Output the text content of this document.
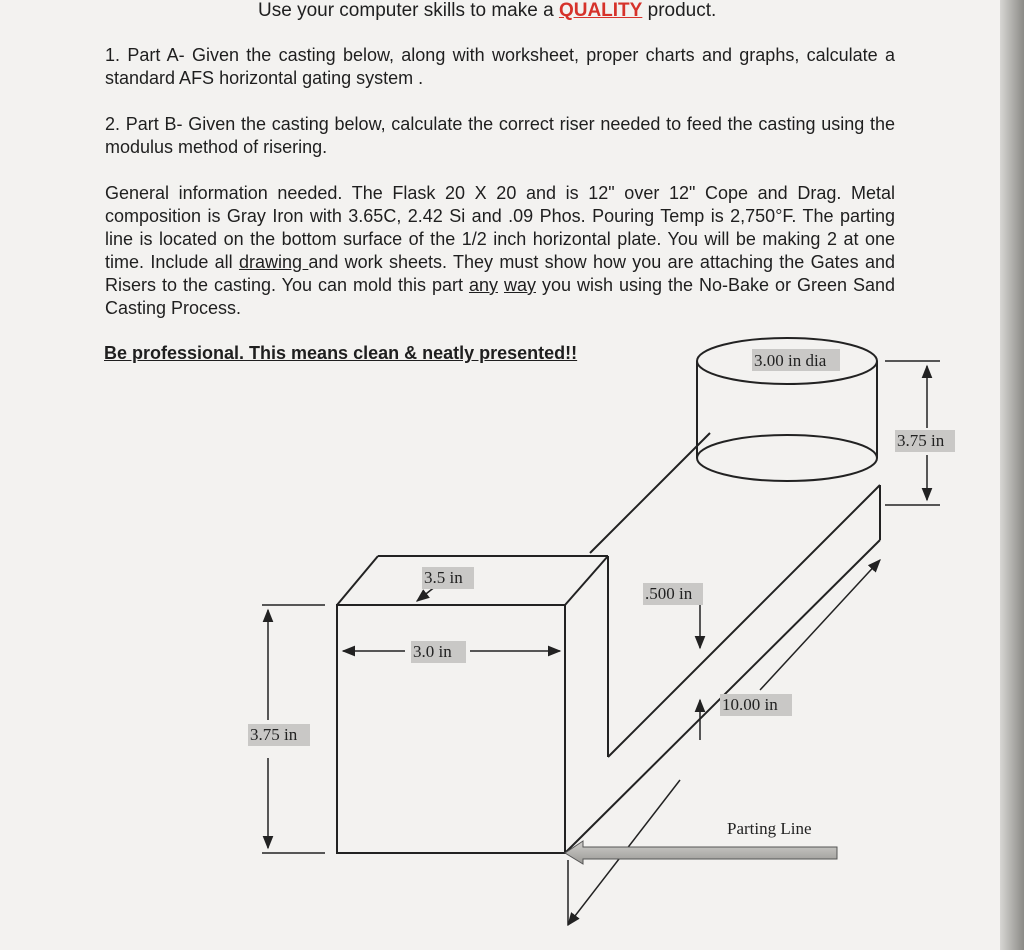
Use your computer skills to make a QUALITY product.
1. Part A- Given the casting below, along with worksheet, proper charts and graphs, calculate a standard AFS horizontal gating system .
2. Part B- Given the casting below, calculate the correct riser needed to feed the casting using the modulus method of risering.
General information needed. The Flask 20 X 20 and is 12" over 12" Cope and Drag. Metal composition is Gray Iron with 3.65C, 2.42 Si and .09 Phos. Pouring Temp is 2,750°F. The parting line is located on the bottom surface of the 1/2 inch horizontal plate. You will be making 2 at one time. Include all drawing and work sheets. They must show how you are attaching the Gates and Risers to the casting. You can mold this part any way you wish using the No-Bake or Green Sand Casting Process.
Be professional. This means clean & neatly presented!!	3.00 in dia
3.75 in
3.5 in
.500 in
3.0 in
10.00 in
3.75 in
Parting Line
